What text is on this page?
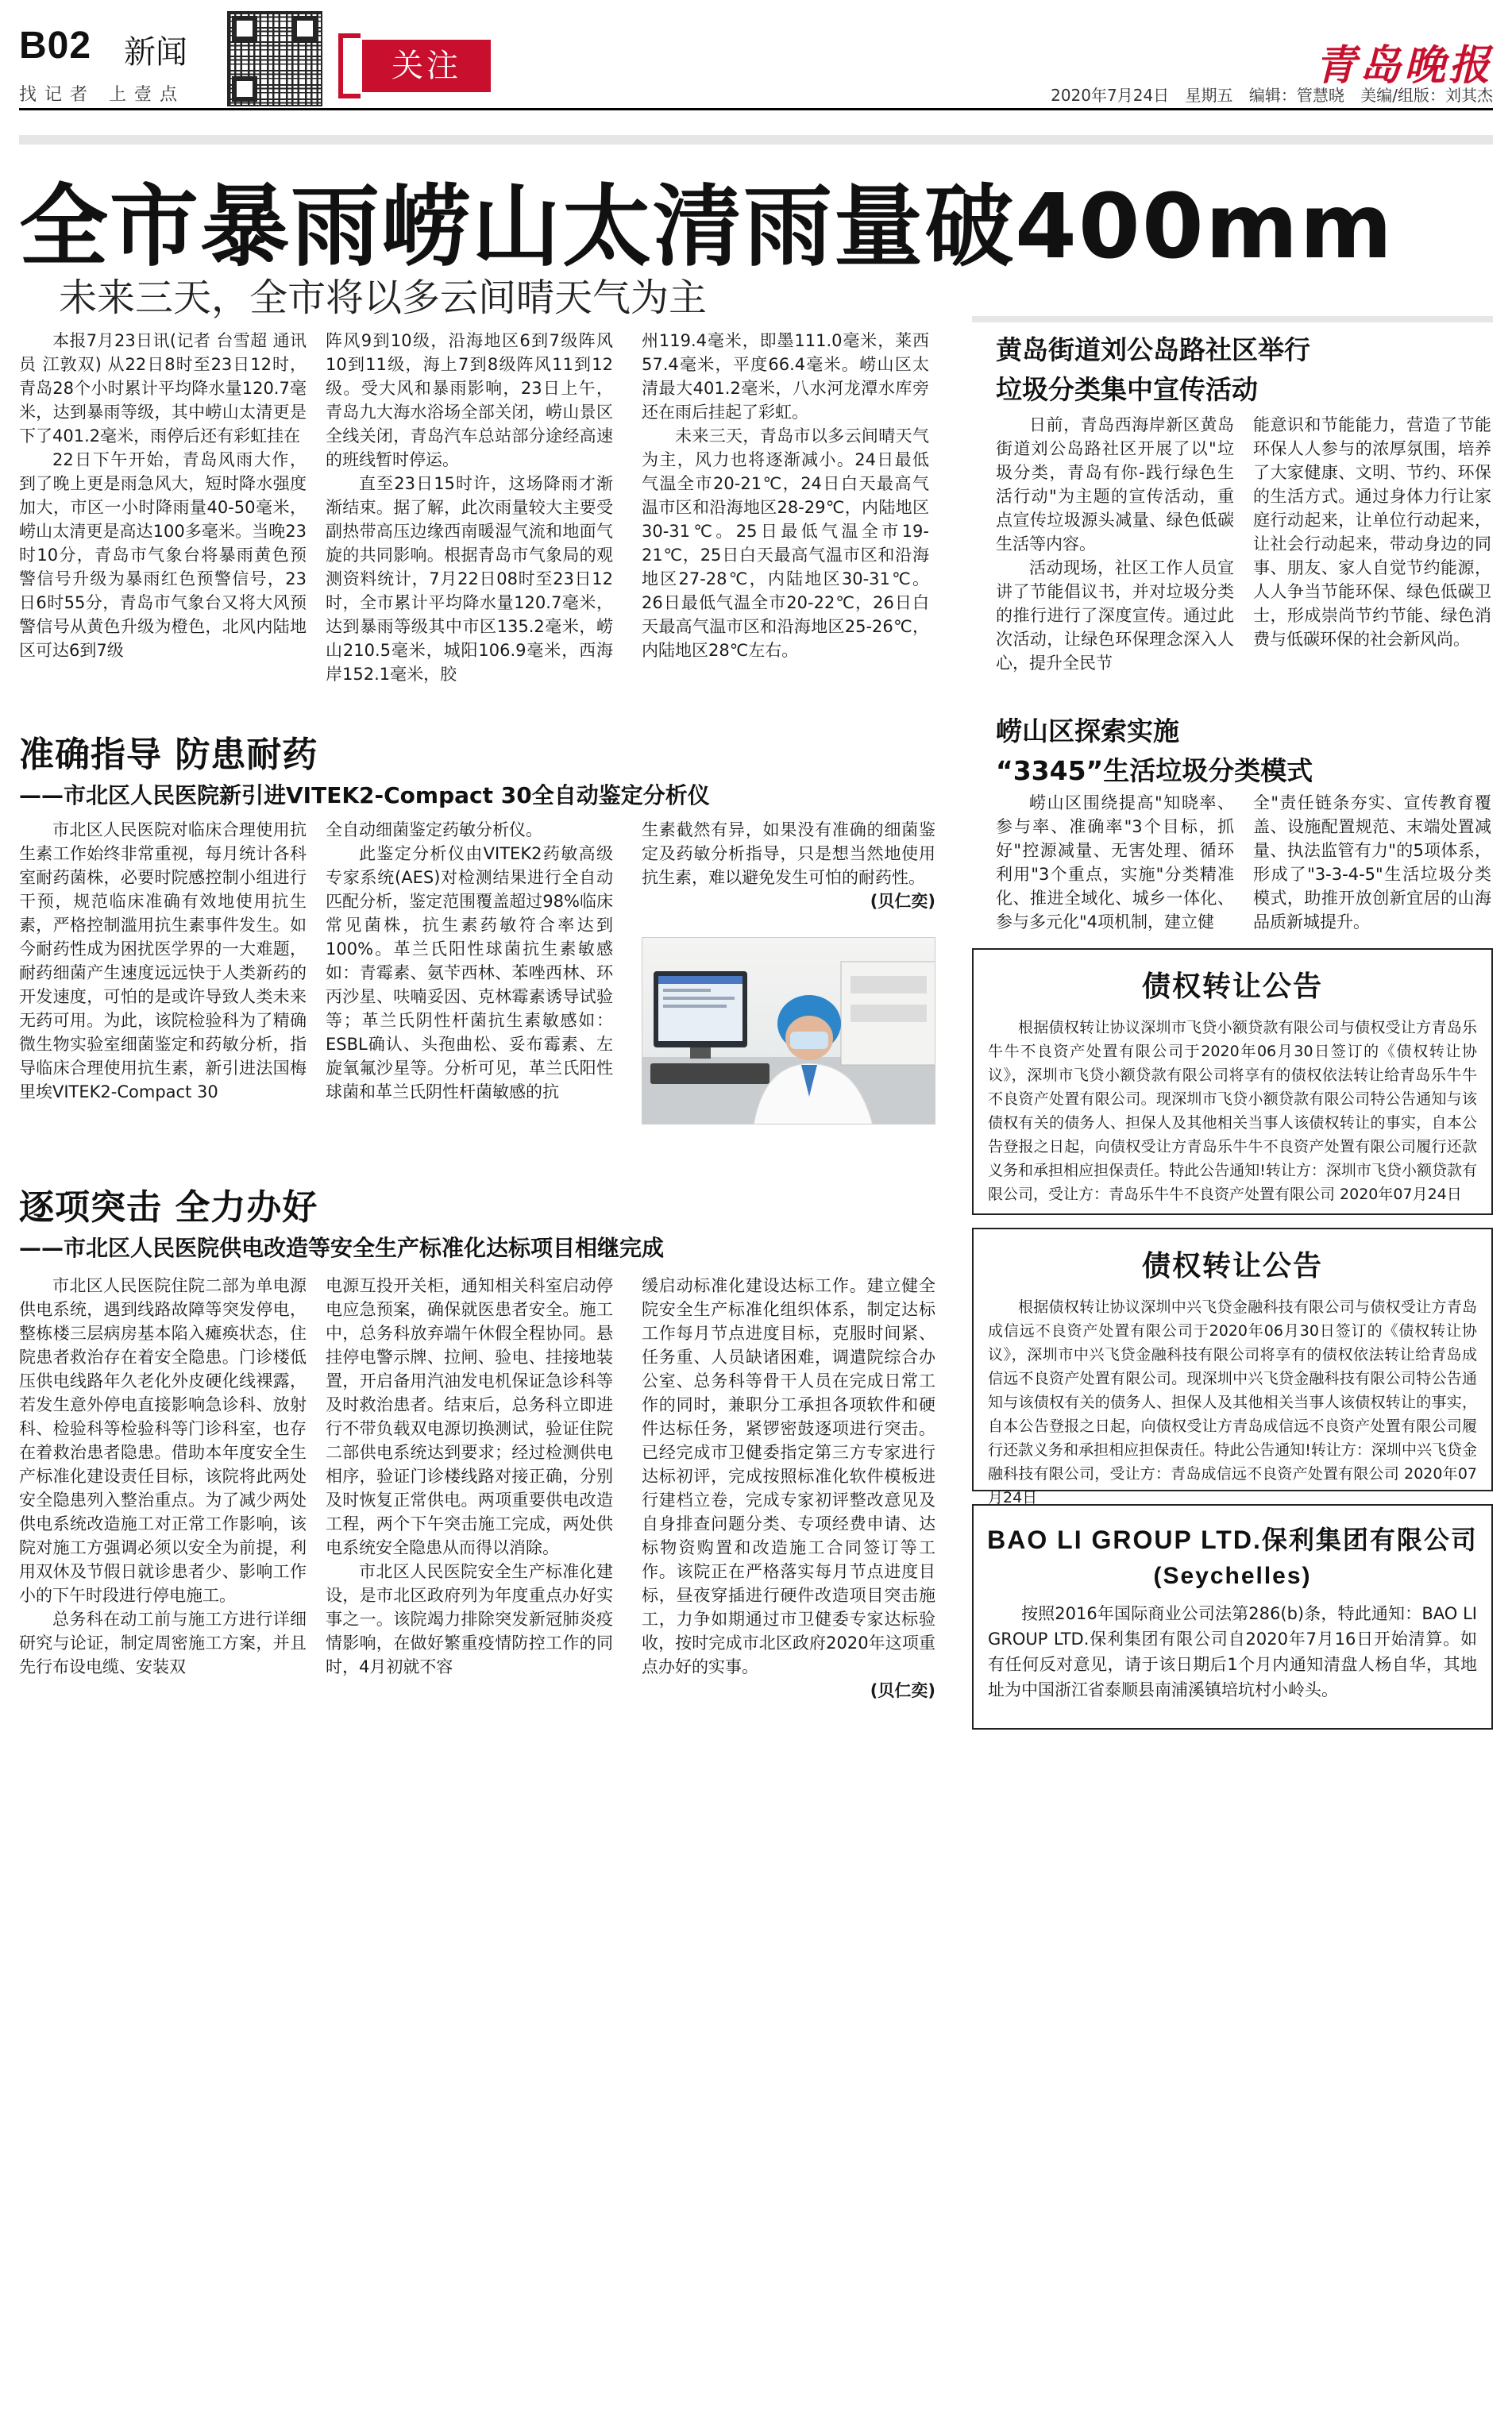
B02 新闻
找记者 上壹点
关注	青岛晚报
2020年7月24日 星期五 编辑：管慧晓 美编/组版：刘其杰
全市暴雨崂山太清雨量破400mm
未来三天，全市将以多云间晴天气为主

本报7月23日讯(记者 台雪超 通讯员 江敦双) 从22日8时至23日12时，青岛28个小时累计平均降水量120.7毫米，达到暴雨等级，其中崂山太清更是下了401.2毫米，雨停后还有彩虹挂在

22日下午开始，青岛风雨大作，到了晚上更是雨急风大，短时降水强度加大，市区一小时降雨量40-50毫米，崂山太清更是高达100多毫米。当晚23时10分，青岛市气象台将暴雨黄色预警信号升级为暴雨红色预警信号，23日6时55分，青岛市气象台又将大风预警信号从黄色升级为橙色，北风内陆地区可达6到7级

阵风9到10级，沿海地区6到7级阵风10到11级，海上7到8级阵风11到12级。受大风和暴雨影响，23日上午，青岛九大海水浴场全部关闭，崂山景区全线关闭，青岛汽车总站部分途经高速的班线暂时停运。

直至23日15时许，这场降雨才渐渐结束。据了解，此次雨量较大主要受副热带高压边缘西南暖湿气流和地面气旋的共同影响。根据青岛市气象局的观测资料统计，7月22日08时至23日12时，全市累计平均降水量120.7毫米，达到暴雨等级其中市区135.2毫米，崂山210.5毫米，城阳106.9毫米，西海岸152.1毫米，胶

州119.4毫米，即墨111.0毫米，莱西57.4毫米，平度66.4毫米。崂山区太清最大401.2毫米，八水河龙潭水库旁还在雨后挂起了彩虹。

未来三天，青岛市以多云间晴天气为主，风力也将逐渐减小。24日最低气温全市20-21℃，24日白天最高气温市区和沿海地区28-29℃，内陆地区30-31℃。25日最低气温全市19-21℃，25日白天最高气温市区和沿海地区27-28℃，内陆地区30-31℃。26日最低气温全市20-22℃，26日白天最高气温市区和沿海地区25-26℃，内陆地区28℃左右。

准确指导 防患耐药
——市北区人民医院新引进VITEK2-Compact 30全自动鉴定分析仪

市北区人民医院对临床合理使用抗生素工作始终非常重视，每月统计各科室耐药菌株，必要时院感控制小组进行干预，规范临床准确有效地使用抗生素，严格控制滥用抗生素事件发生。如今耐药性成为困扰医学界的一大难题，耐药细菌产生速度远远快于人类新药的开发速度，可怕的是或许导致人类未来无药可用。为此，该院检验科为了精确微生物实验室细菌鉴定和药敏分析，指导临床合理使用抗生素，新引进法国梅里埃VITEK2-Compact 30

全自动细菌鉴定药敏分析仪。

此鉴定分析仪由VITEK2药敏高级专家系统(AES)对检测结果进行全自动匹配分析，鉴定范围覆盖超过98%临床常见菌株，抗生素药敏符合率达到100%。革兰氏阳性球菌抗生素敏感如：青霉素、氨苄西林、苯唑西林、环丙沙星、呋喃妥因、克林霉素诱导试验等；革兰氏阴性杆菌抗生素敏感如：ESBL确认、头孢曲松、妥布霉素、左旋氧氟沙星等。分析可见，革兰氏阳性球菌和革兰氏阴性杆菌敏感的抗

生素截然有异，如果没有准确的细菌鉴定及药敏分析指导，只是想当然地使用抗生素，难以避免发生可怕的耐药性。

(贝仁奕)
逐项突击 全力办好
——市北区人民医院供电改造等安全生产标准化达标项目相继完成

市北区人民医院住院二部为单电源供电系统，遇到线路故障等突发停电，整栋楼三层病房基本陷入瘫痪状态，住院患者救治存在着安全隐患。门诊楼低压供电线路年久老化外皮硬化线裸露，若发生意外停电直接影响急诊科、放射科、检验科等检验科等门诊科室，也存在着救治患者隐患。借助本年度安全生产标准化建设责任目标，该院将此两处安全隐患列入整治重点。为了减少两处供电系统改造施工对正常工作影响，该院对施工方强调必须以安全为前提，利用双休及节假日就诊患者少、影响工作小的下午时段进行停电施工。

总务科在动工前与施工方进行详细研究与论证，制定周密施工方案，并且先行布设电缆、安装双

电源互投开关柜，通知相关科室启动停电应急预案，确保就医患者安全。施工中，总务科放弃端午休假全程协同。悬挂停电警示牌、拉闸、验电、挂接地装置，开启备用汽油发电机保证急诊科等及时救治患者。结束后，总务科立即进行不带负载双电源切换测试，验证住院二部供电系统达到要求；经过检测供电相序，验证门诊楼线路对接正确，分别及时恢复正常供电。两项重要供电改造工程，两个下午突击施工完成，两处供电系统安全隐患从而得以消除。

市北区人民医院安全生产标准化建设，是市北区政府列为年度重点办好实事之一。该院竭力排除突发新冠肺炎疫情影响，在做好繁重疫情防控工作的同时，4月初就不容

缓启动标准化建设达标工作。建立健全院安全生产标准化组织体系，制定达标工作每月节点进度目标，克服时间紧、任务重、人员缺诸困难，调遣院综合办公室、总务科等骨干人员在完成日常工作的同时，兼职分工承担各项软件和硬件达标任务，紧锣密鼓逐项进行突击。已经完成市卫健委指定第三方专家进行达标初评，完成按照标准化软件模板进行建档立卷，完成专家初评整改意见及自身排查问题分类、专项经费申请、达标物资购置和改造施工合同签订等工作。该院正在严格落实每月节点进度目标，昼夜穿插进行硬件改造项目突击施工，力争如期通过市卫健委专家达标验收，按时完成市北区政府2020年这项重点办好的实事。

(贝仁奕)
黄岛街道刘公岛路社区举行
垃圾分类集中宣传活动

日前，青岛西海岸新区黄岛街道刘公岛路社区开展了以"垃圾分类，青岛有你-践行绿色生活行动"为主题的宣传活动，重点宣传垃圾源头减量、绿色低碳生活等内容。

活动现场，社区工作人员宣讲了节能倡议书，并对垃圾分类的推行进行了深度宣传。通过此次活动，让绿色环保理念深入人心，提升全民节

能意识和节能能力，营造了节能环保人人参与的浓厚氛围，培养了大家健康、文明、节约、环保的生活方式。通过身体力行让家庭行动起来，让单位行动起来，让社会行动起来，带动身边的同事、朋友、家人自觉节约能源，人人争当节能环保、绿色低碳卫士，形成崇尚节约节能、绿色消费与低碳环保的社会新风尚。

崂山区探索实施
“3345”生活垃圾分类模式

崂山区围绕提高"知晓率、参与率、准确率"3个目标，抓好"控源减量、无害处理、循环利用"3个重点，实施"分类精准化、推进全域化、城乡一体化、参与多元化"4项机制，建立健

全"责任链条夯实、宣传教育覆盖、设施配置规范、末端处置减量、执法监管有力"的5项体系，形成了"3-3-4-5"生活垃圾分类模式，助推开放创新宜居的山海品质新城提升。

债权转让公告

根据债权转让协议深圳市飞贷小额贷款有限公司与债权受让方青岛乐牛牛不良资产处置有限公司于2020年06月30日签订的《债权转让协议》，深圳市飞贷小额贷款有限公司将享有的债权依法转让给青岛乐牛牛不良资产处置有限公司。现深圳市飞贷小额贷款有限公司特公告通知与该债权有关的债务人、担保人及其他相关当事人该债权转让的事实，自本公告登报之日起，向债权受让方青岛乐牛牛不良资产处置有限公司履行还款义务和承担相应担保责任。特此公告通知!转让方：深圳市飞贷小额贷款有限公司，受让方：青岛乐牛牛不良资产处置有限公司 2020年07月24日

债权转让公告

根据债权转让协议深圳中兴飞贷金融科技有限公司与债权受让方青岛成信远不良资产处置有限公司于2020年06月30日签订的《债权转让协议》，深圳市中兴飞贷金融科技有限公司将享有的债权依法转让给青岛成信远不良资产处置有限公司。现深圳中兴飞贷金融科技有限公司特公告通知与该债权有关的债务人、担保人及其他相关当事人该债权转让的事实，自本公告登报之日起，向债权受让方青岛成信远不良资产处置有限公司履行还款义务和承担相应担保责任。特此公告通知!转让方：深圳中兴飞贷金融科技有限公司，受让方：青岛成信远不良资产处置有限公司 2020年07月24日

BAO LI GROUP LTD.保利集团有限公司
(Seychelles)

按照2016年国际商业公司法第286(b)条，特此通知：BAO LI GROUP LTD.保利集团有限公司自2020年7月16日开始清算。如有任何反对意见，请于该日期后1个月内通知清盘人杨自华，其地址为中国浙江省泰顺县南浦溪镇培坑村小岭头。
